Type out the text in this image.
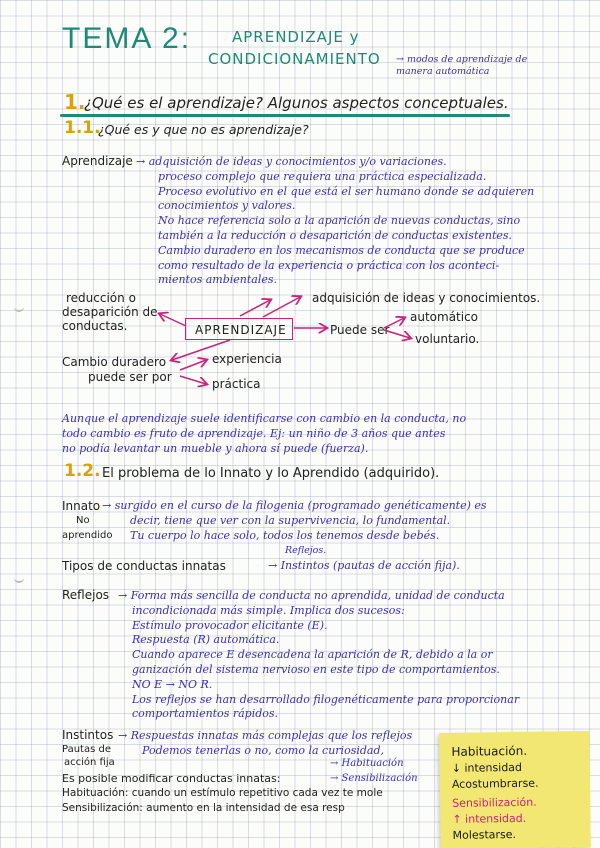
TEMA 2:	APRENDIZAJE y
CONDICIONAMIENTO → modos de aprendizaje de manera automática
1.
¿Qué es el aprendizaje? Algunos aspectos conceptuales.
1.1.
¿Qué es y que no es aprendizaje?
Aprendizaje → adquisición de ideas y conocimientos y/o variaciones.
proceso complejo que requiera una práctica especializada.
Proceso evolutivo en el que está el ser humano donde se adquieren
conocimientos y valores.
No hace referencia solo a la aparición de nuevas conductas, sino
también a la reducción o desaparición de conductas existentes.
Cambio duradero en los mecanismos de conducta que se produce
como resultado de la experiencia o práctica con los aconteci-
mientos ambientales.
reducción o
desaparición de
conductas.
adquisición de ideas y conocimientos.
APRENDIZAJE	Puede ser
automático
voluntario.
Cambio duradero
puede ser por
experiencia
práctica
Aunque el aprendizaje suele identificarse con cambio en la conducta, no
todo cambio es fruto de aprendizaje. Ej: un niño de 3 años que antes
no podía levantar un mueble y ahora sí puede (fuerza).
1.2. El problema de lo Innato y lo Aprendido (adquirido).
Innato → surgido en el curso de la filogenia (programado genéticamente) es
decir, tiene que ver con la supervivencia, lo fundamental.
Tu cuerpo lo hace solo, todos los tenemos desde bebés.
No
aprendido
Tipos de conductas innatas
Reflejos.
→ Instintos (pautas de acción fija).
Reflejos → Forma más sencilla de conducta no aprendida, unidad de conducta
incondicionada más simple. Implica dos sucesos:
Estímulo provocador elicitante (E).
Respuesta (R) automática.
Cuando aparece E desencadena la aparición de R, debido a la or
ganización del sistema nervioso en este tipo de comportamientos.
NO E → NO R.
Los reflejos se han desarrollado filogenéticamente para proporcionar
comportamientos rápidos.
Instintos → Respuestas innatas más complejas que los reflejos
Pautas de
acción fija
Podemos tenerlas o no, como la curiosidad,
Es posible modificar conductas innatas:
→ Habituación
→ Sensibilización
Habituación: cuando un estímulo repetitivo cada vez te mole
Sensibilización: aumento en la intensidad de esa resp
Habituación.
↓ intensidad
Acostumbrarse.
Sensibilización.
↑ intensidad.
Molestarse.
